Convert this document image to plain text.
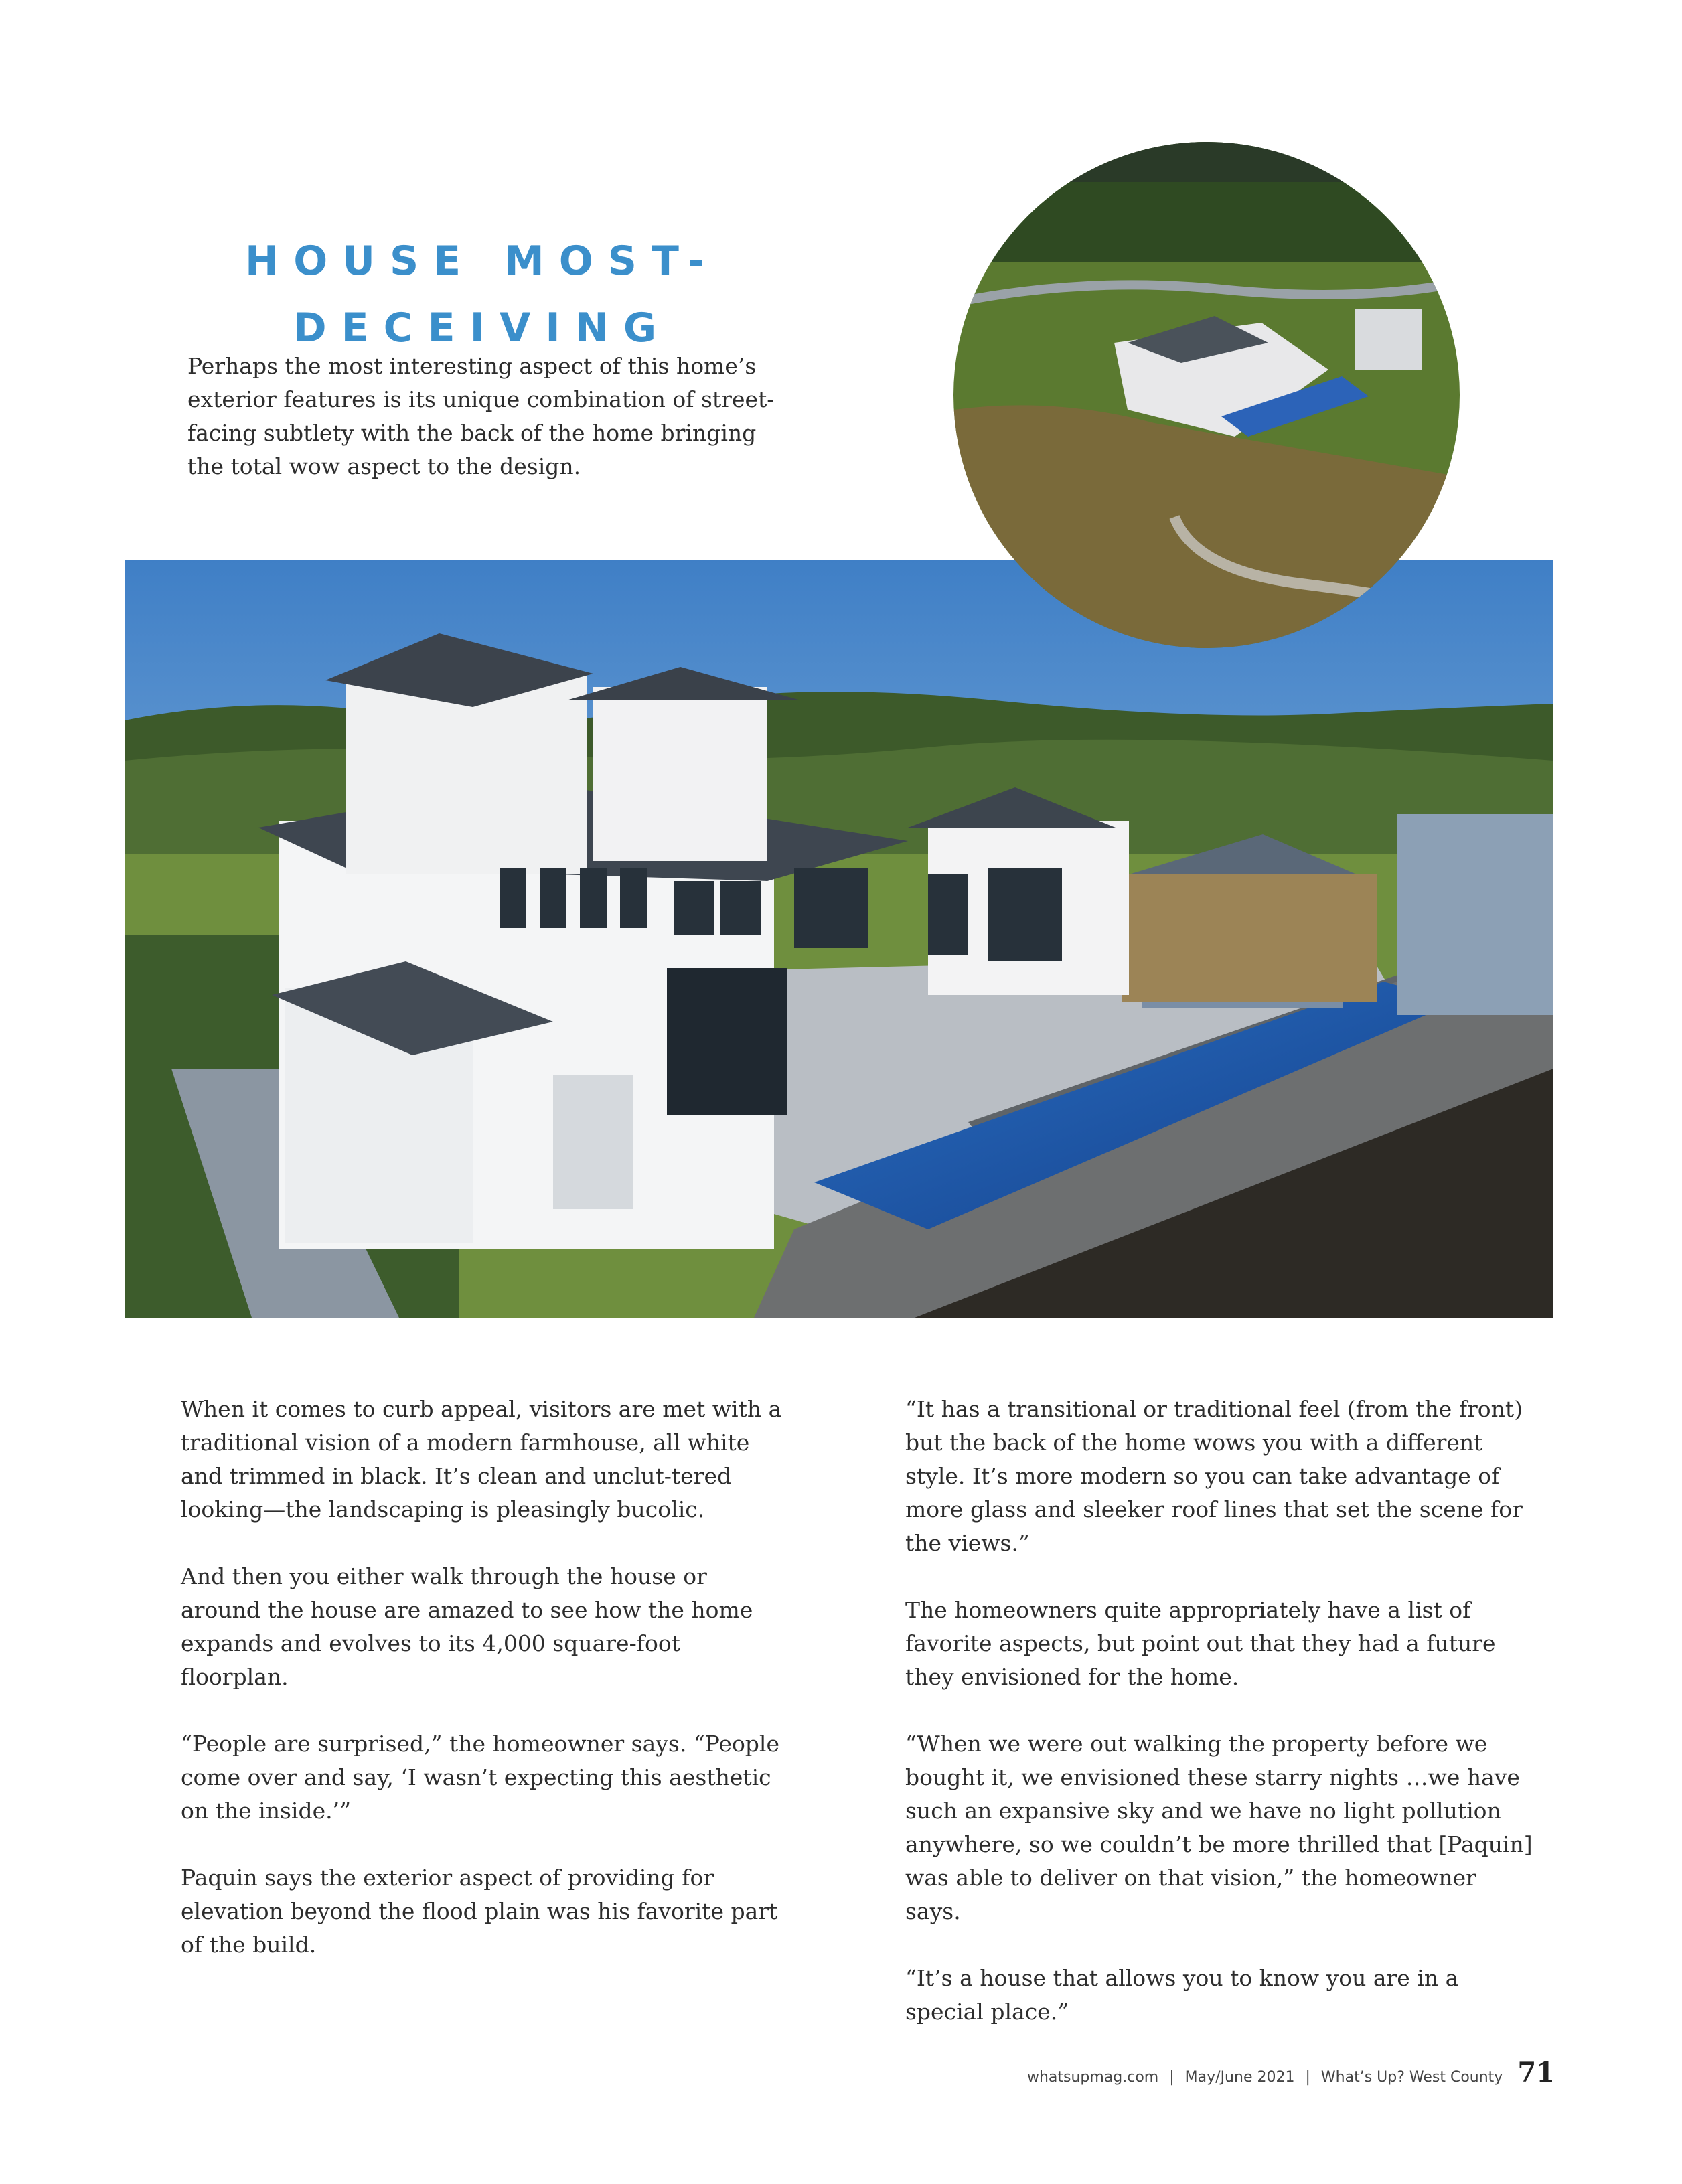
HOUSE MOST-
DECEIVING

Perhaps the most interesting aspect of this home’s exterior features is its unique combination of street-facing subtlety with the back of the home bringing the total wow aspect to the design.

When it comes to curb appeal, visitors are met with a traditional vision of a modern farmhouse, all white and trimmed in black. It’s clean and unclut-tered looking—the landscaping is pleasingly bucolic.

And then you either walk through the house or around the house are amazed to see how the home expands and evolves to its 4,000 square-foot floorplan.

“People are surprised,” the homeowner says. “People come over and say, ‘I wasn’t expecting this aesthetic on the inside.’”

Paquin says the exterior aspect of providing for elevation beyond the flood plain was his favorite part of the build.

“It has a transitional or traditional feel (from the front) but the back of the home wows you with a different style. It’s more modern so you can take advantage of more glass and sleeker roof lines that set the scene for the views.”

The homeowners quite appropriately have a list of favorite aspects, but point out that they had a future they envisioned for the home.

“When we were out walking the property before we bought it, we envisioned these starry nights …we have such an expansive sky and we have no light pollution anywhere, so we couldn’t be more thrilled that [Paquin] was able to deliver on that vision,” the homeowner says.

“It’s a house that allows you to know you are in a special place.”

whatsupmag.com | May/June 2021 | What’s Up? West County 71
